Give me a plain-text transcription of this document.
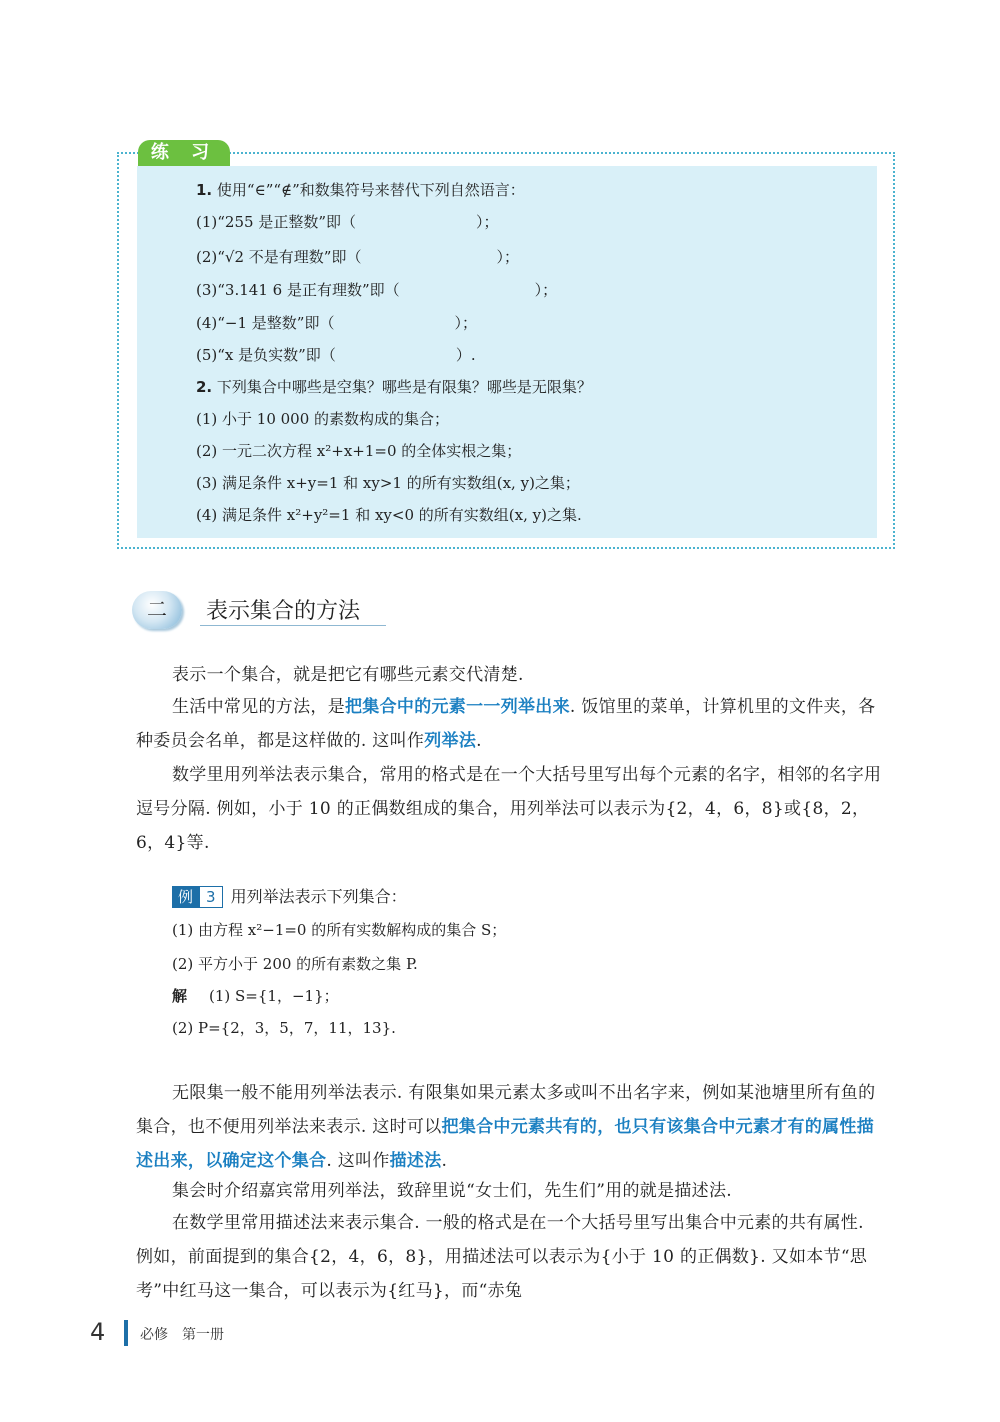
练 习
1. 使用“∈”“∉”和数集符号来替代下列自然语言：
(1)“255 是正整数”即（　　　　　　　　）；
(2)“√2 不是有理数”即（　　　　　　　　　）；
(3)“3.141 6 是正有理数”即（　　　　　　　　　）；
(4)“−1 是整数”即（　　　　　　　　）；
(5)“x 是负实数”即（　　　　　　　　）.
2. 下列集合中哪些是空集？哪些是有限集？哪些是无限集？
(1) 小于 10 000 的素数构成的集合；
(2) 一元二次方程 x²+x+1=0 的全体实根之集；
(3) 满足条件 x+y=1 和 xy>1 的所有实数组(x, y)之集；
(4) 满足条件 x²+y²=1 和 xy<0 的所有实数组(x, y)之集.
二	表示集合的方法
表示一个集合，就是把它有哪些元素交代清楚.
生活中常见的方法，是把集合中的元素一一列举出来. 饭馆里的菜单，计算机里的文件夹，各种委员会名单，都是这样做的. 这叫作列举法.
数学里用列举法表示集合，常用的格式是在一个大括号里写出每个元素的名字，相邻的名字用逗号分隔. 例如，小于 10 的正偶数组成的集合，用列举法可以表示为{2，4，6，8}或{8，2，6，4}等.
例 3 用列举法表示下列集合：
(1) 由方程 x²−1=0 的所有实数解构成的集合 S；
(2) 平方小于 200 的所有素数之集 P.
解 (1) S={1，−1}；
(2) P={2，3，5，7，11，13}.
无限集一般不能用列举法表示. 有限集如果元素太多或叫不出名字来，例如某池塘里所有鱼的集合，也不便用列举法来表示. 这时可以把集合中元素共有的，也只有该集合中元素才有的属性描述出来，以确定这个集合. 这叫作描述法.
集会时介绍嘉宾常用列举法，致辞里说“女士们，先生们”用的就是描述法.
在数学里常用描述法来表示集合. 一般的格式是在一个大括号里写出集合中元素的共有属性. 例如，前面提到的集合{2，4，6，8}，用描述法可以表示为{小于 10 的正偶数}. 又如本节“思考”中红马这一集合，可以表示为{红马}，而“赤兔
4 必修　第一册
